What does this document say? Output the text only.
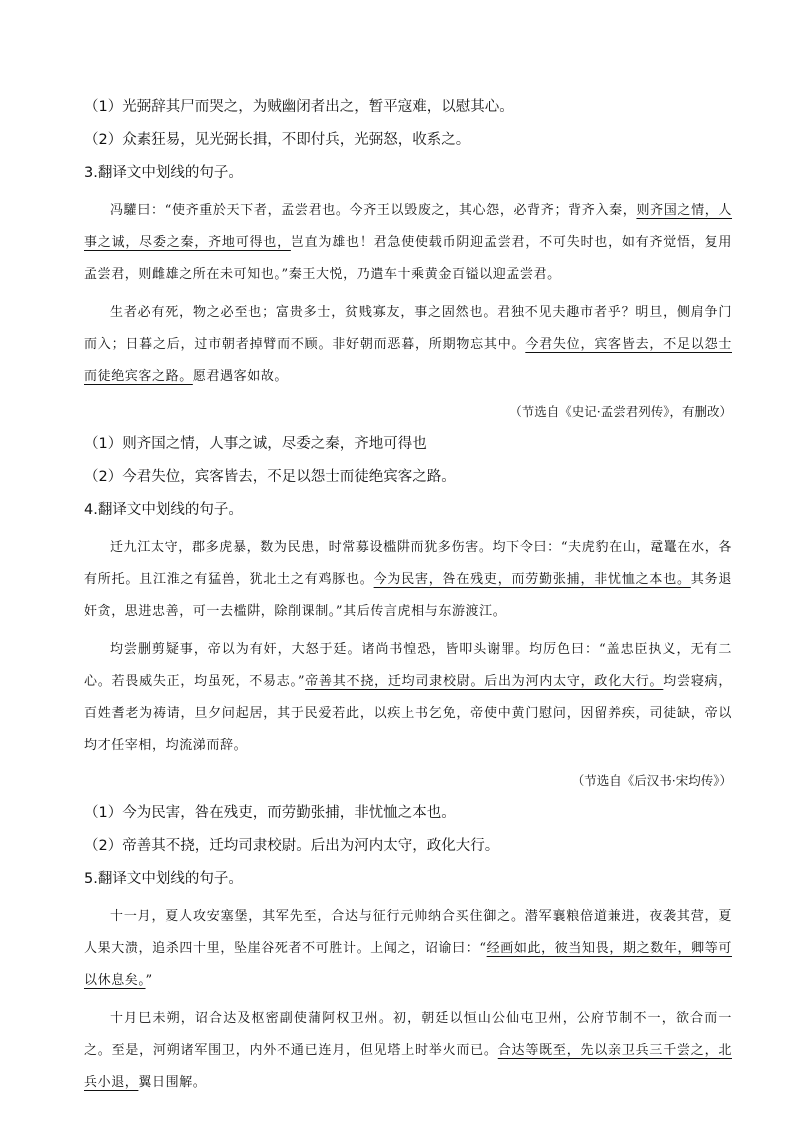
（1）光弼辞其尸而哭之，为贼幽闭者出之，暂平寇难，以慰其心。

（2）众素狂易，见光弼长揖，不即付兵，光弼怒，收系之。

3.翻译文中划线的句子。

冯驩曰：“使齐重於天下者，孟尝君也。今齐王以毁废之，其心怨，必背齐；背齐入秦，则齐国之情，人事之诚，尽委之秦，齐地可得也，岂直为雄也！君急使使载币阴迎孟尝君，不可失时也，如有齐觉悟，复用孟尝君，则雌雄之所在未可知也。”秦王大悦，乃遣车十乘黄金百镒以迎孟尝君。

生者必有死，物之必至也；富贵多士，贫贱寡友，事之固然也。君独不见夫趣市者乎？明旦，侧肩争门而入；日暮之后，过市朝者掉臂而不顾。非好朝而恶暮，所期物忘其中。今君失位，宾客皆去，不足以怨士而徒绝宾客之路。愿君遇客如故。

（节选自《史记·孟尝君列传》，有删改）

（1）则齐国之情，人事之诚，尽委之秦，齐地可得也

（2）今君失位，宾客皆去，不足以怨士而徒绝宾客之路。

4.翻译文中划线的句子。

迁九江太守，郡多虎暴，数为民患，时常募设槛阱而犹多伤害。均下令曰：“夫虎豹在山，鼋鼍在水，各有所托。且江淮之有猛兽，犹北土之有鸡豚也。今为民害，咎在残吏，而劳勤张捕，非忧恤之本也。其务退奸贪，思进忠善，可一去槛阱，除削课制。”其后传言虎相与东游渡江。

均尝删剪疑事，帝以为有奸，大怒于廷。诸尚书惶恐，皆叩头谢罪。均厉色曰：“盖忠臣执义，无有二心。若畏威失正，均虽死，不易志。”帝善其不挠，迁均司隶校尉。后出为河内太守，政化大行。均尝寝病，百姓耆老为祷请，旦夕问起居，其于民爱若此，以疾上书乞免，帝使中黄门慰问，因留养疾，司徒缺，帝以均才任宰相，均流涕而辞。

（节选自《后汉书·宋均传》）

（1）今为民害，咎在残吏，而劳勤张捕，非忧恤之本也。

（2）帝善其不挠，迁均司隶校尉。后出为河内太守，政化大行。

5.翻译文中划线的句子。

十一月，夏人攻安塞堡，其军先至，合达与征行元帅纳合买住御之。潜军襄粮倍道兼进，夜袭其营，夏人果大溃，追杀四十里，坠崖谷死者不可胜计。上闻之，诏谕曰：“经画如此，彼当知畏，期之数年，卿等可以休息矣。”

十月巳未朔，诏合达及枢密副使蒲阿权卫州。初，朝廷以恒山公仙屯卫州，公府节制不一，欲合而一之。至是，河朔诸军围卫，内外不通已连月，但见塔上时举火而已。合达等既至，先以亲卫兵三千尝之，北兵小退，翼日围解。
